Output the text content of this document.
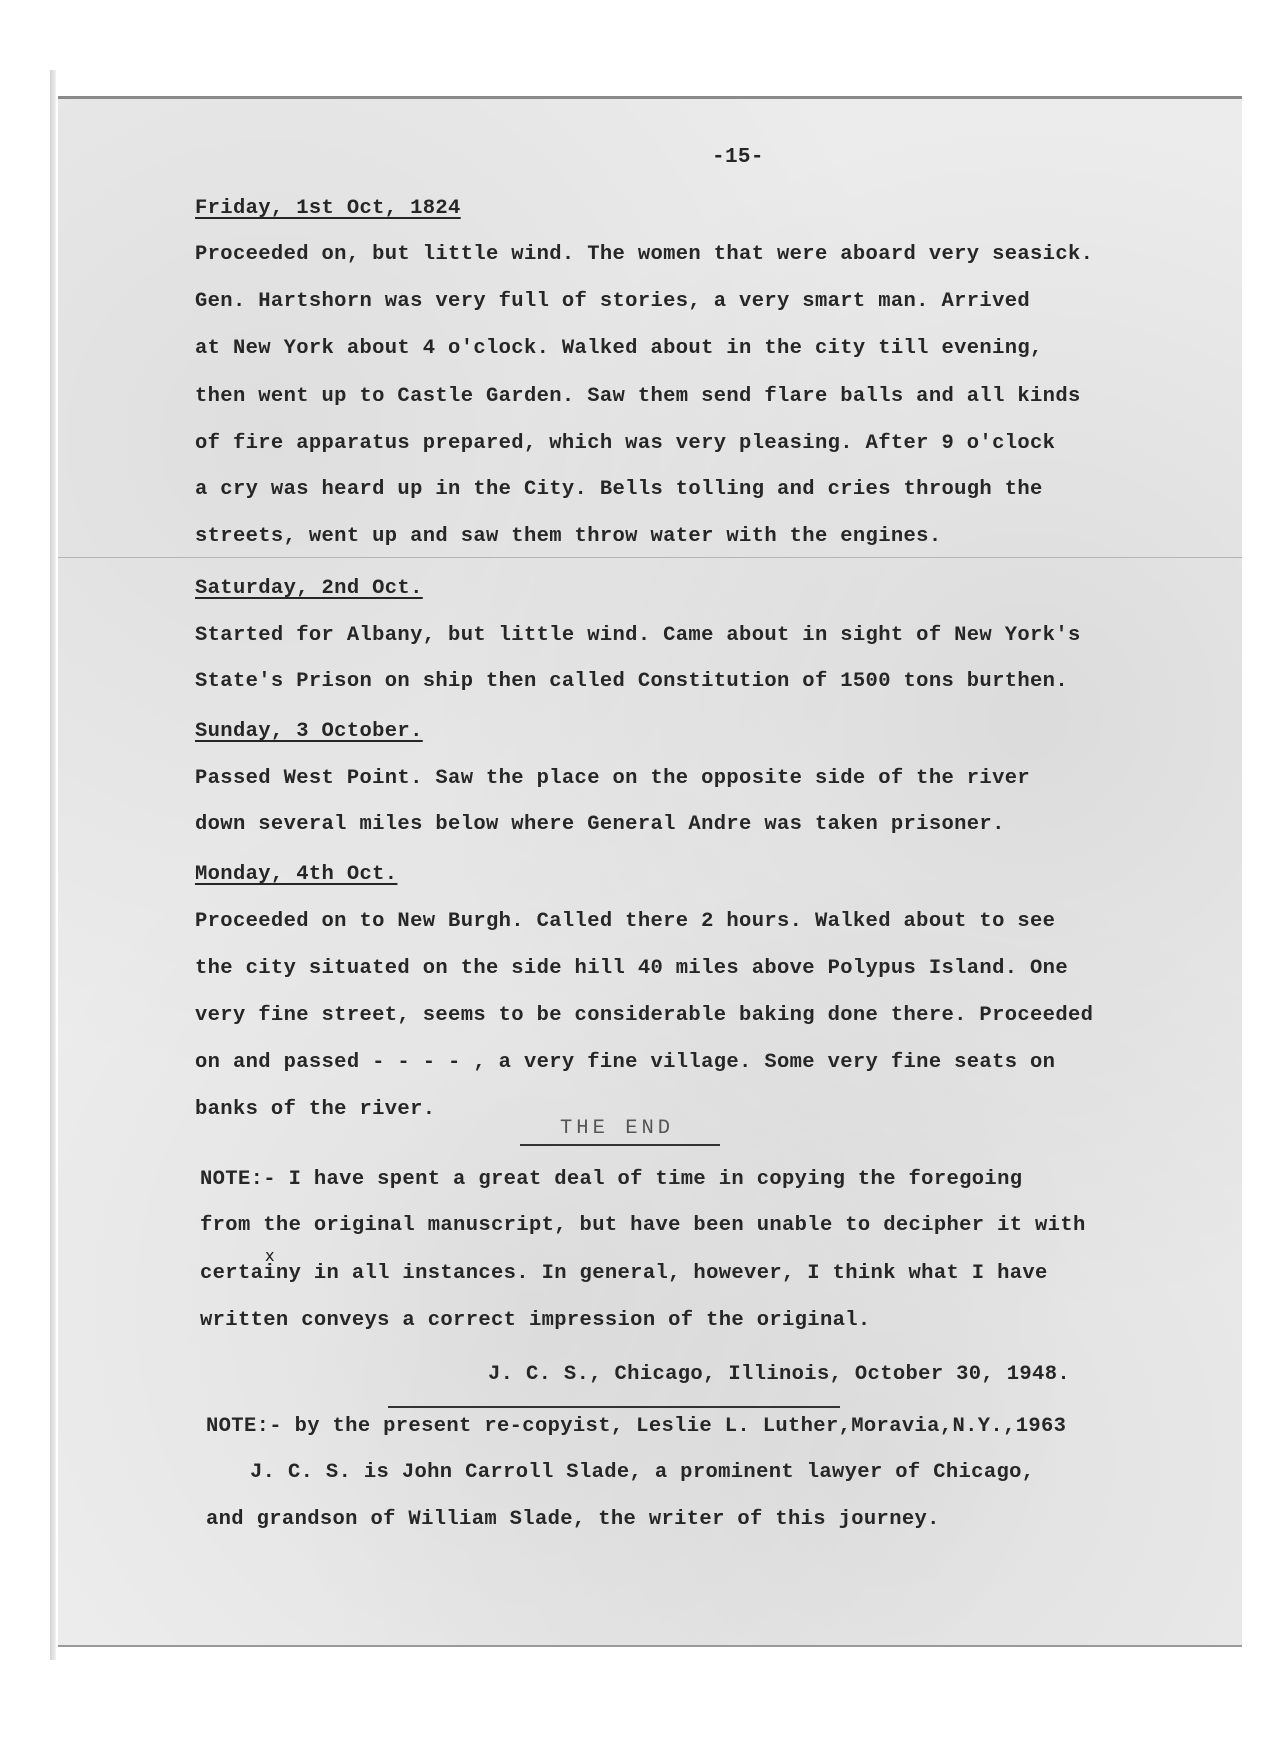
-15-
Friday, 1st Oct, 1824
Proceeded on, but little wind. The women that were aboard very seasick.
Gen. Hartshorn was very full of stories, a very smart man. Arrived
at New York about 4 o'clock. Walked about in the city till evening,
then went up to Castle Garden. Saw them send flare balls and all kinds
of fire apparatus prepared, which was very pleasing. After 9 o'clock
a cry was heard up in the City. Bells tolling and cries through the
streets, went up and saw them throw water with the engines.
Saturday, 2nd Oct.
Started for Albany, but little wind. Came about in sight of New York's
State's Prison on ship then called Constitution of 1500 tons burthen.
Sunday, 3 October.
Passed West Point. Saw the place on the opposite side of the river
down several miles below where General Andre was taken prisoner.
Monday, 4th Oct.
Proceeded on to New Burgh. Called there 2 hours. Walked about to see
the city situated on the side hill 40 miles above Polypus Island. One
very fine street, seems to be considerable baking done there. Proceeded
on and passed - - - - , a very fine village. Some very fine seats on
banks of the river.
THE END
NOTE:- I have spent a great deal of time in copying the foregoing
from the original manuscript, but have been unable to decipher it with
x
certainy in all instances. In general, however, I think what I have
written conveys a correct impression of the original.
J. C. S., Chicago, Illinois, October 30, 1948.
NOTE:- by the present re-copyist, Leslie L. Luther,Moravia,N.Y.,1963
J. C. S. is John Carroll Slade, a prominent lawyer of Chicago,
and grandson of William Slade, the writer of this journey.
